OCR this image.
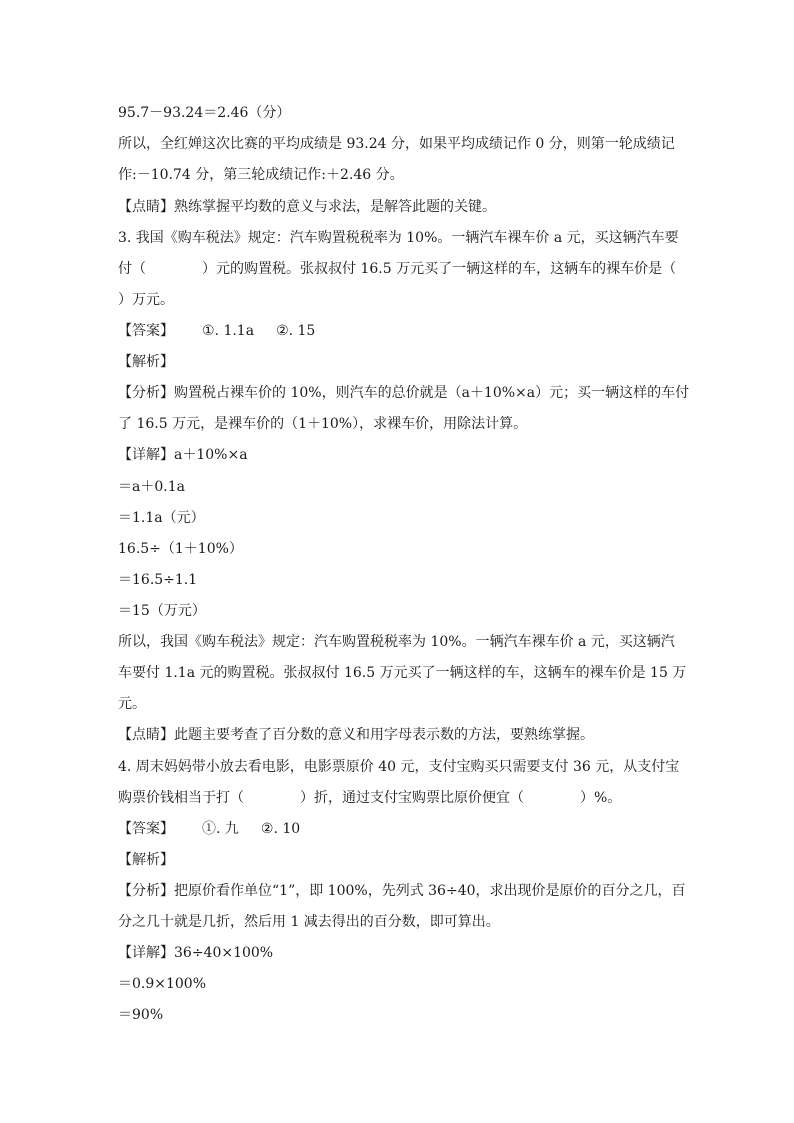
95.7－93.24＝2.46（分）
所以，全红婵这次比赛的平均成绩是 93.24 分，如果平均成绩记作 0 分，则第一轮成绩记
作:－10.74 分，第三轮成绩记作:＋2.46 分。
【点睛】熟练掌握平均数的意义与求法，是解答此题的关键。
3. 我国《购车税法》规定：汽车购置税税率为 10%。一辆汽车裸车价 a 元，买这辆汽车要
付（　　　　）元的购置税。张叔叔付 16.5 万元买了一辆这样的车，这辆车的裸车价是（
）万元。
【答案】 ①. 1.1a ②. 15
【解析】
【分析】购置税占裸车价的 10%，则汽车的总价就是（a＋10%×a）元；买一辆这样的车付
了 16.5 万元，是裸车价的（1＋10%），求裸车价，用除法计算。
【详解】a＋10%×a
＝a＋0.1a
＝1.1a（元）
16.5÷（1＋10%）
＝16.5÷1.1
＝15（万元）
所以，我国《购车税法》规定：汽车购置税税率为 10%。一辆汽车裸车价 a 元，买这辆汽
车要付 1.1a 元的购置税。张叔叔付 16.5 万元买了一辆这样的车，这辆车的裸车价是 15 万
元。
【点睛】此题主要考查了百分数的意义和用字母表示数的方法，要熟练掌握。
4. 周末妈妈带小放去看电影，电影票原价 40 元，支付宝购买只需要支付 36 元，从支付宝
购票价钱相当于打（　　　　）折，通过支付宝购票比原价便宜（　　　　）%。
【答案】 ①. 九 ②. 10
【解析】
【分析】把原价看作单位“1”，即 100%，先列式 36÷40，求出现价是原价的百分之几，百
分之几十就是几折，然后用 1 减去得出的百分数，即可算出。
【详解】36÷40×100%
＝0.9×100%
＝90%
